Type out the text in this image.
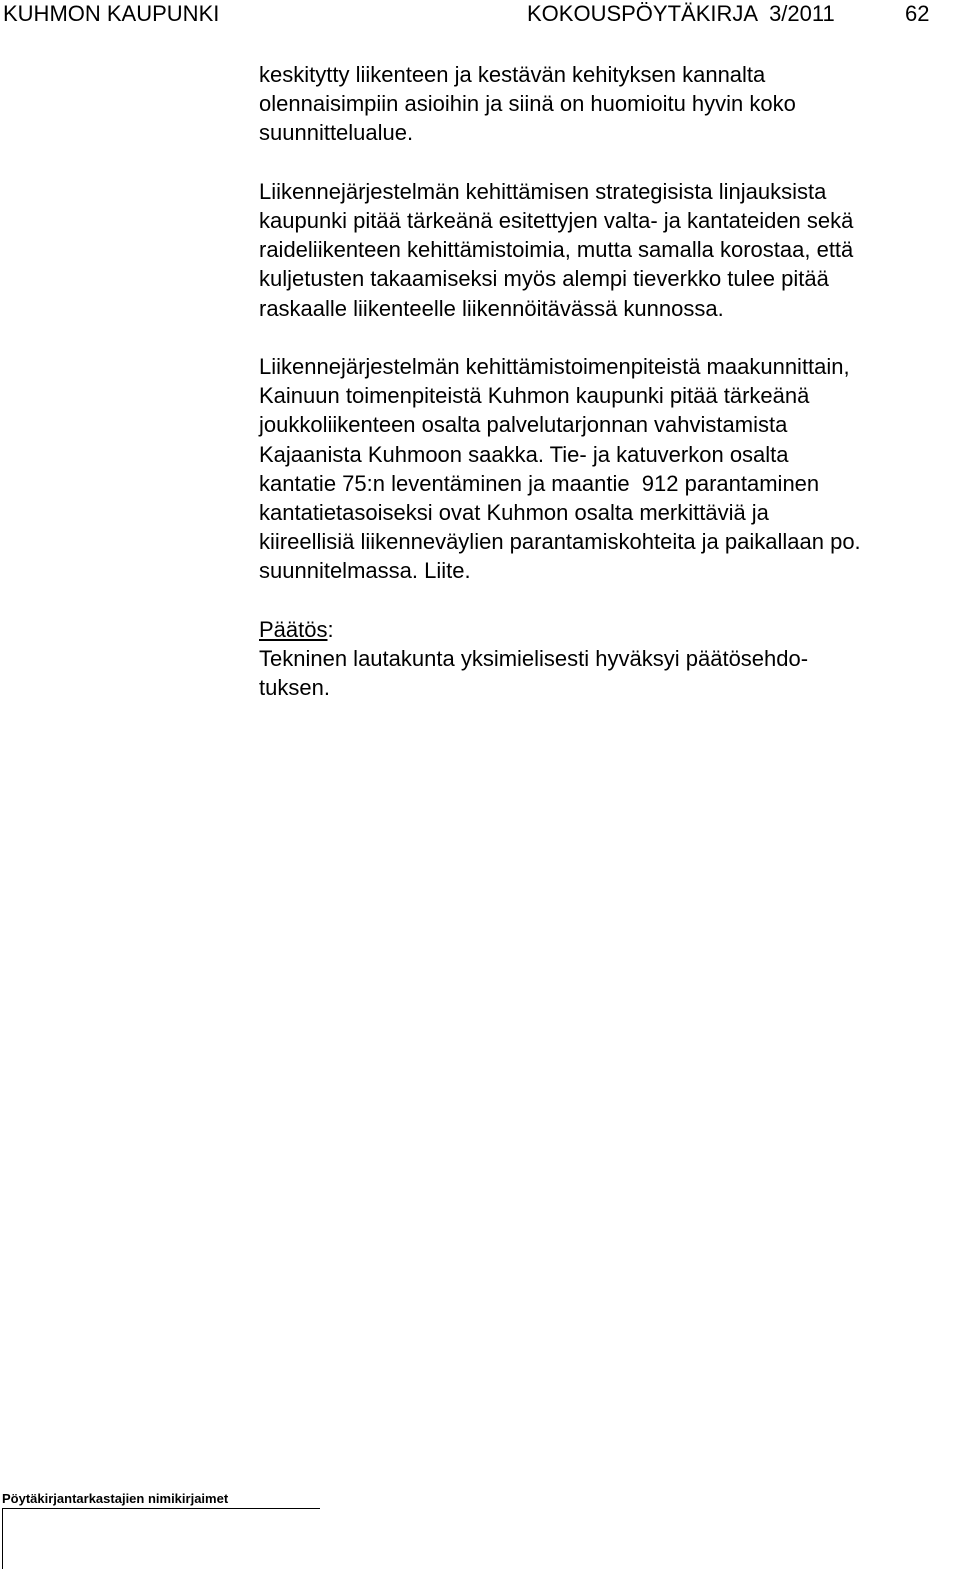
KUHMON KAUPUNKI	KOKOUSPÖYTÄKIRJA  3/2011	62

keskitytty liikenteen ja kestävän kehityksen kannalta
olennaisimpiin asioihin ja siinä on huomioitu hyvin koko
suunnittelualue.

Liikennejärjestelmän kehittämisen strategisista linjauksista
kaupunki pitää tärkeänä esitettyjen valta- ja kantateiden sekä
raideliikenteen kehittämistoimia, mutta samalla korostaa, että
kuljetusten takaamiseksi myös alempi tieverkko tulee pitää
raskaalle liikenteelle liikennöitävässä kunnossa.

Liikennejärjestelmän kehittämistoimenpiteistä maakunnittain,
Kainuun toimenpiteistä Kuhmon kaupunki pitää tärkeänä
joukkoliikenteen osalta palvelutarjonnan vahvistamista
Kajaanista Kuhmoon saakka. Tie- ja katuverkon osalta
kantatie 75:n leventäminen ja maantie  912 parantaminen
kantatietasoiseksi ovat Kuhmon osalta merkittäviä ja
kiireellisiä liikenneväylien parantamiskohteita ja paikallaan po.
suunnitelmassa. Liite.

Päätös:
Tekninen lautakunta yksimielisesti hyväksyi päätösehdo-
tuksen.
Pöytäkirjantarkastajien nimikirjaimet
